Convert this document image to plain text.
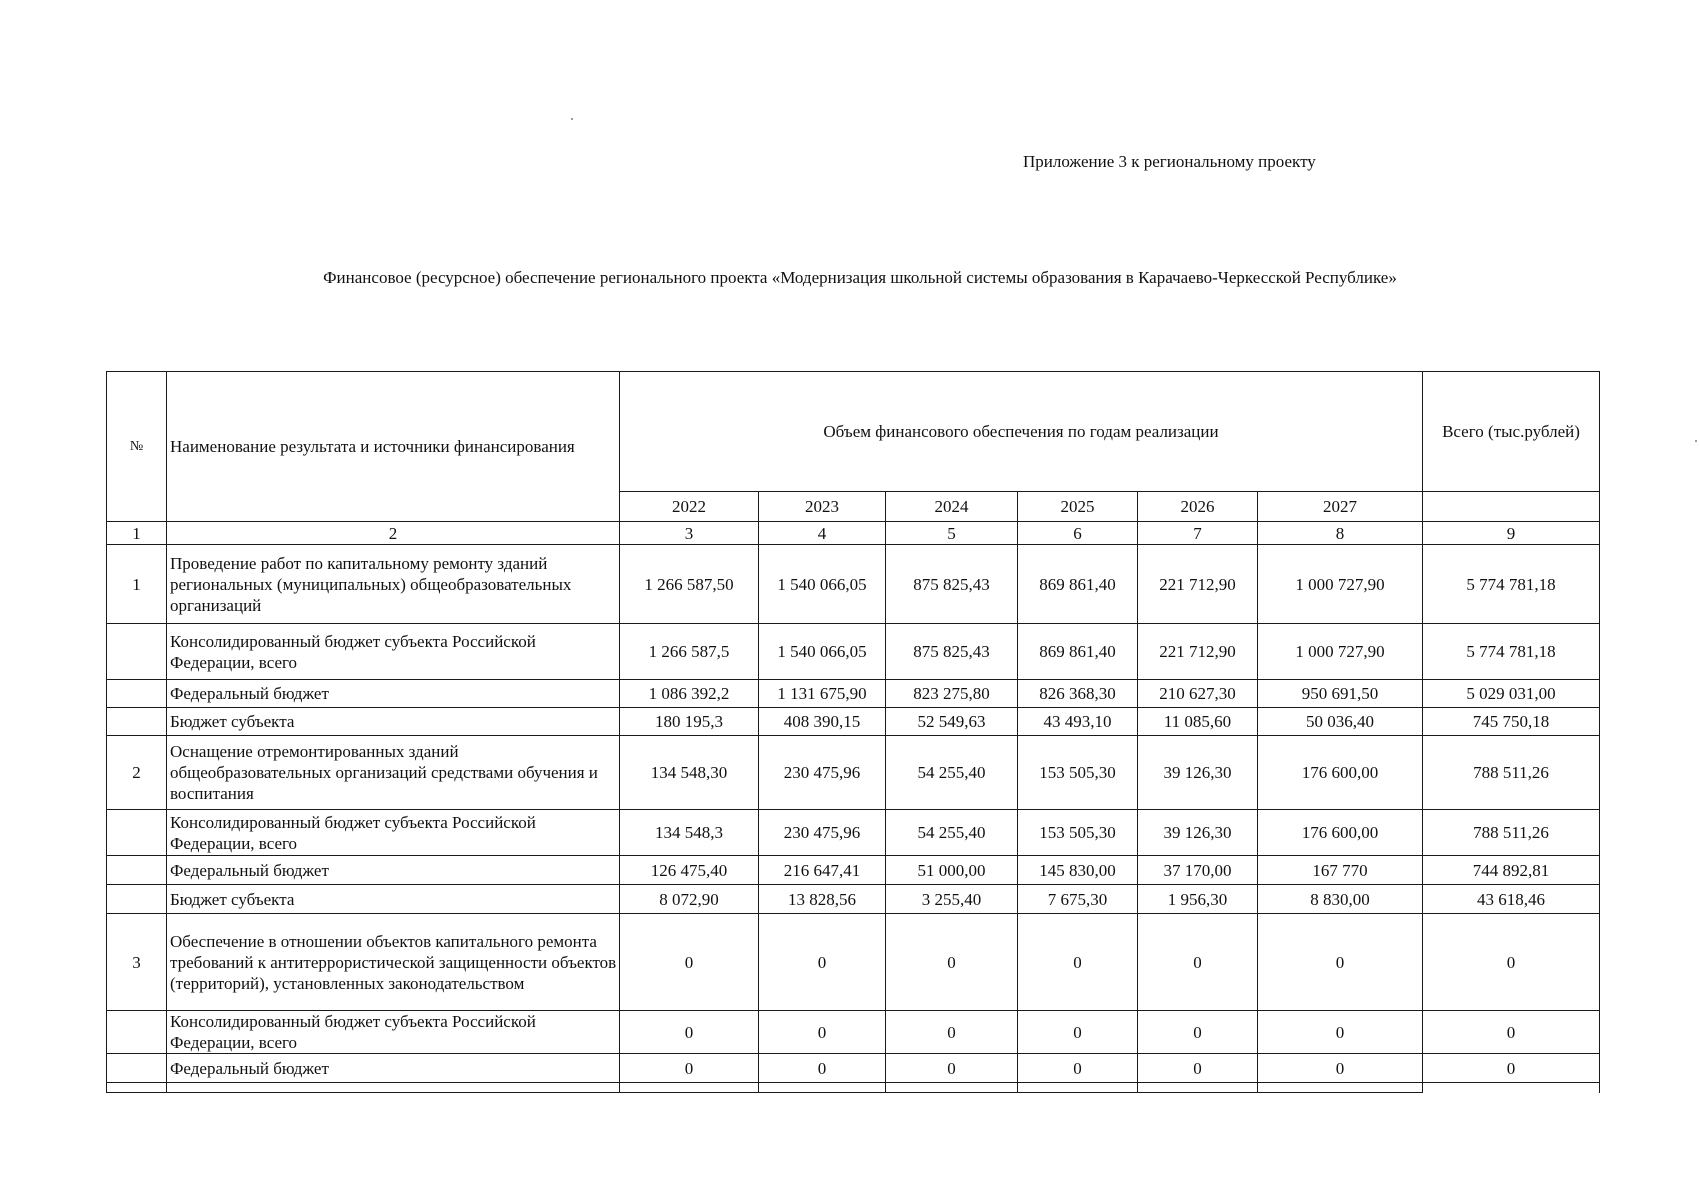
Приложение 3 к региональному проекту
Финансовое (ресурсное) обеспечение регионального проекта «Модернизация школьной системы образования в Карачаево-Черкесской Республике»
№	Наименование результата и источники финансирования	Объем финансового обеспечения по годам реализации						Всего (тыс.рублей)
		2022	2023	2024	2025	2026	2027	
1	2	3	4	5	6	7	8	9
1	Проведение работ по капитальному ремонту зданий региональных (муниципальных) общеобразовательных организаций	1 266 587,50	1 540 066,05	875 825,43	869 861,40	221 712,90	1 000 727,90	5 774 781,18
	Консолидированный бюджет субъекта Российской Федерации, всего	1 266 587,5	1 540 066,05	875 825,43	869 861,40	221 712,90	1 000 727,90	5 774 781,18
	Федеральный бюджет	1 086 392,2	1 131 675,90	823 275,80	826 368,30	210 627,30	950 691,50	5 029 031,00
	Бюджет субъекта	180 195,3	408 390,15	52 549,63	43 493,10	11 085,60	50 036,40	745 750,18
2	Оснащение отремонтированных зданий общеобразовательных организаций средствами обучения и воспитания	134 548,30	230 475,96	54 255,40	153 505,30	39 126,30	176 600,00	788 511,26
	Консолидированный бюджет субъекта Российской Федерации, всего	134 548,3	230 475,96	54 255,40	153 505,30	39 126,30	176 600,00	788 511,26
	Федеральный бюджет	126 475,40	216 647,41	51 000,00	145 830,00	37 170,00	167 770	744 892,81
	Бюджет субъекта	8 072,90	13 828,56	3 255,40	7 675,30	1 956,30	8 830,00	43 618,46
3	Обеспечение в отношении объектов капитального ремонта требований к антитеррористической защищенности объектов (территорий), установленных законодательством	0	0	0	0	0	0	0
	Консолидированный бюджет субъекта Российской Федерации, всего	0	0	0	0	0	0	0
	Федеральный бюджет	0	0	0	0	0	0	0
